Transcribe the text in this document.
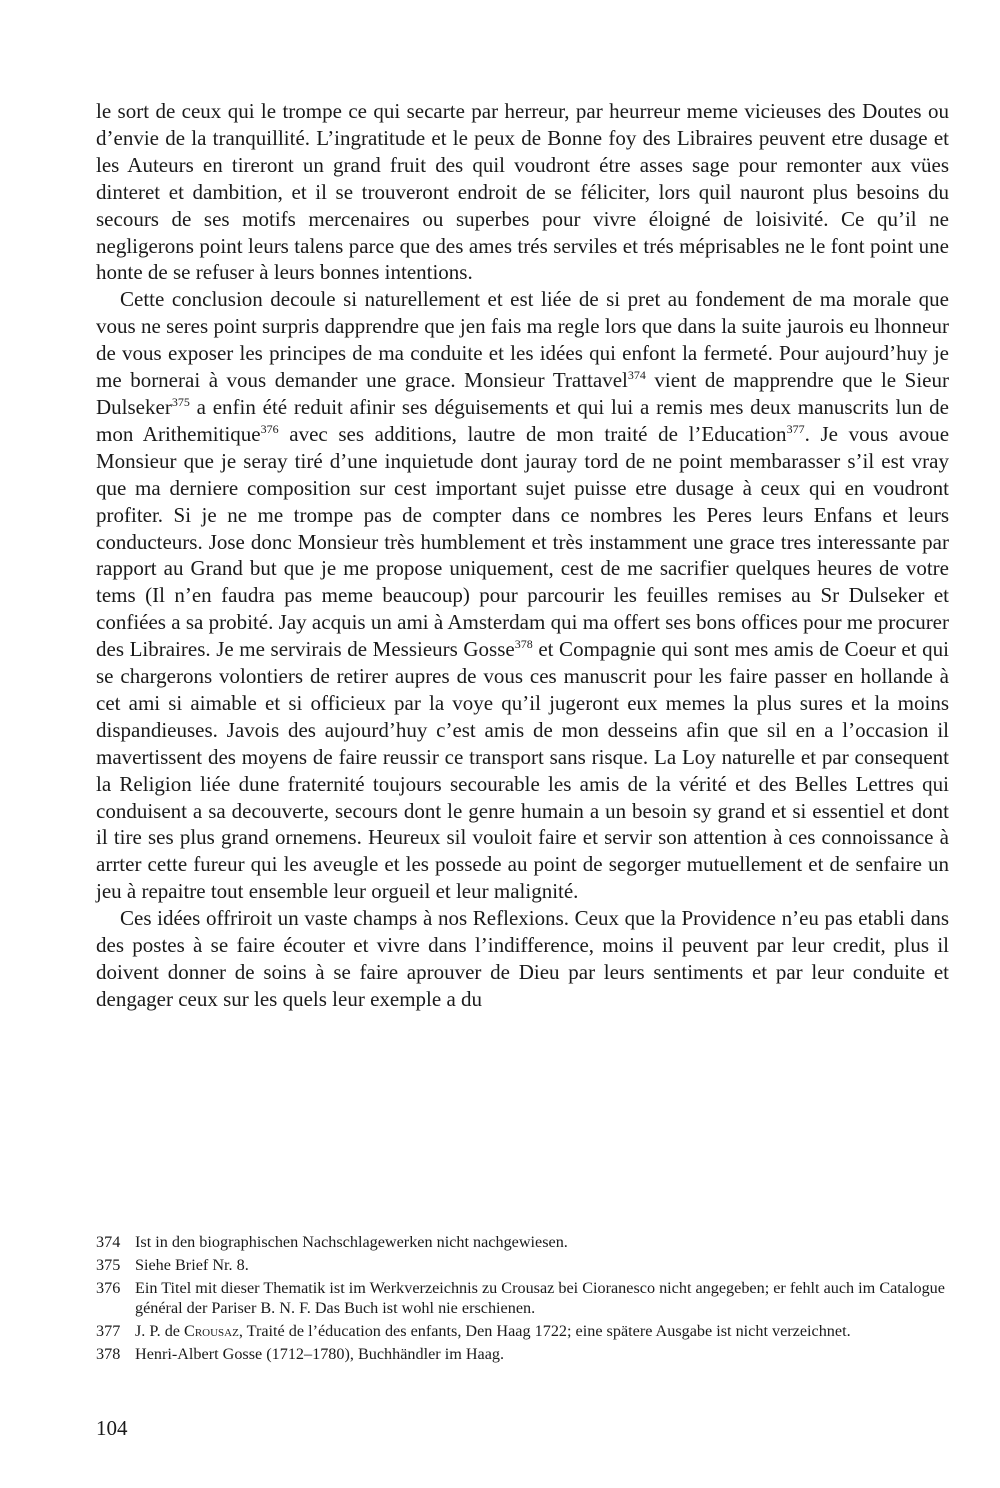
le sort de ceux qui le trompe ce qui secarte par herreur, par heurreur meme vicieuses des Doutes ou d’envie de la tranquillité. L’ingratitude et le peux de Bonne foy des Libraires peuvent etre dusage et les Auteurs en tireront un grand fruit des quil voudront étre asses sage pour remonter aux vües dinteret et dambition, et il se trouveront endroit de se féliciter, lors quil nauront plus besoins du secours de ses motifs mercenaires ou superbes pour vivre éloigné de loisivité. Ce qu’il ne negligerons point leurs talens parce que des ames trés serviles et trés méprisables ne le font point une honte de se refuser à leurs bonnes intentions.

Cette conclusion decoule si naturellement et est liée de si pret au fondement de ma morale que vous ne seres point surpris dapprendre que jen fais ma regle lors que dans la suite jaurois eu lhonneur de vous exposer les principes de ma conduite et les idées qui enfont la fermeté. Pour aujourd’huy je me bornerai à vous demander une grace. Monsieur Trattavel$^{374}$ vient de mapprendre que le Sieur Dulseker$^{375}$ a enfin été reduit afinir ses déguisements et qui lui a remis mes deux manuscrits lun de mon Arithemitique$^{376}$ avec ses additions, lautre de mon traité de l’Education$^{377}$. Je vous avoue Monsieur que je seray tiré d’une inquietude dont jauray tord de ne point membarasser s’il est vray que ma derniere composition sur cest important sujet puisse etre dusage à ceux qui en voudront profiter. Si je ne me trompe pas de compter dans ce nombres les Peres leurs Enfans et leurs conducteurs. Jose donc Monsieur très humblement et très instamment une grace tres interessante par rapport au Grand but que je me propose uniquement, cest de me sacrifier quelques heures de votre tems (Il n’en faudra pas meme beaucoup) pour parcourir les feuilles remises au Sr Dulseker et confiées a sa probité. Jay acquis un ami à Amsterdam qui ma offert ses bons offices pour me procurer des Libraires. Je me servirais de Messieurs Gosse$^{378}$ et Compagnie qui sont mes amis de Coeur et qui se chargerons volontiers de retirer aupres de vous ces manuscrit pour les faire passer en hollande à cet ami si aimable et si officieux par la voye qu’il jugeront eux memes la plus sures et la moins dispandieuses. Javois des aujourd’huy c’est amis de mon desseins afin que sil en a l’occasion il mavertissent des moyens de faire reussir ce transport sans risque. La Loy naturelle et par consequent la Religion liée dune fraternité toujours secourable les amis de la vérité et des Belles Lettres qui conduisent a sa decouverte, secours dont le genre humain a un besoin sy grand et si essentiel et dont il tire ses plus grand ornemens. Heureux sil vouloit faire et servir son attention à ces connoissance à arrter cette fureur qui les aveugle et les possede au point de segorger mutuellement et de senfaire un jeu à repaitre tout ensemble leur orgueil et leur malignité.

Ces idées offriroit un vaste champs à nos Reflexions. Ceux que la Providence n’eu pas etabli dans des postes à se faire écouter et vivre dans l’indifference, moins il peuvent par leur credit, plus il doivent donner de soins à se faire aprouver de Dieu par leurs sentiments et par leur conduite et dengager ceux sur les quels leur exemple a du

374 Ist in den biographischen Nachschlagewerken nicht nachgewiesen.
375 Siehe Brief Nr. 8.
376 Ein Titel mit dieser Thematik ist im Werkverzeichnis zu Crousaz bei Cioranesco nicht angegeben; er fehlt auch im Catalogue général der Pariser B. N. F. Das Buch ist wohl nie erschienen.
377 J. P. de Crousaz, Traité de l’éducation des enfants, Den Haag 1722; eine spätere Ausgabe ist nicht verzeichnet.
378 Henri-Albert Gosse (1712–1780), Buchhändler im Haag.
104
